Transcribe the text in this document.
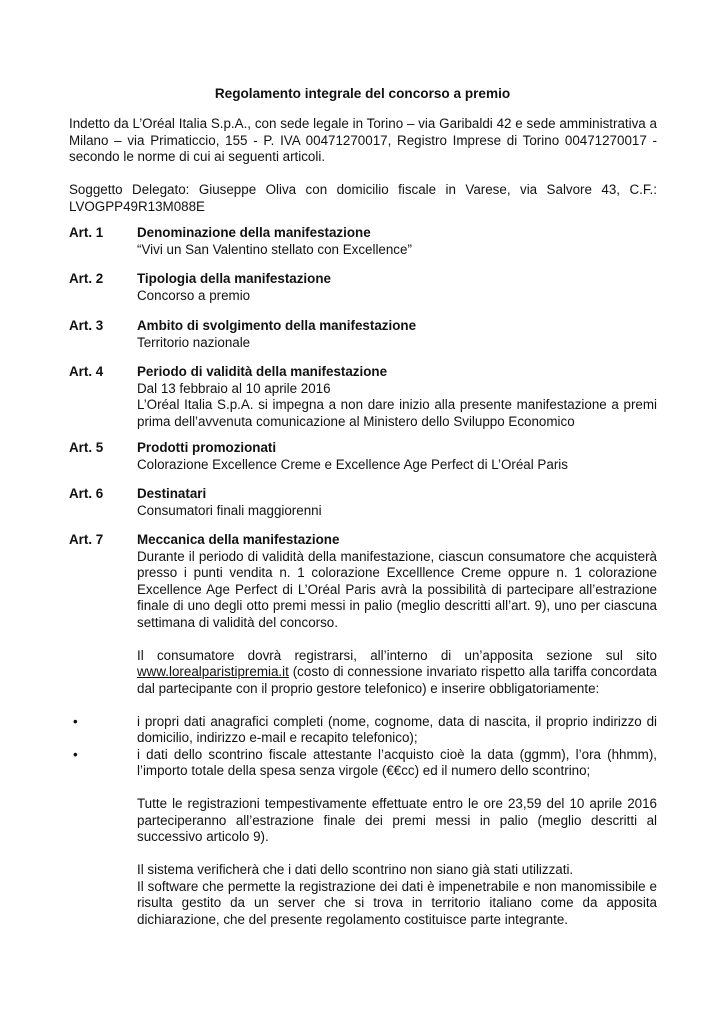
Regolamento integrale del concorso a premio

Indetto da L’Oréal Italia S.p.A., con sede legale in Torino – via Garibaldi 42 e sede amministrativa a Milano – via Primaticcio, 155 - P. IVA 00471270017, Registro Imprese di Torino 00471270017 - secondo le norme di cui ai seguenti articoli.

Soggetto Delegato: Giuseppe Oliva con domicilio fiscale in Varese, via Salvore 43, C.F.: LVOGPP49R13M088E

Art. 1	Denominazione della manifestazione
“Vivi un San Valentino stellato con Excellence”
Art. 2	Tipologia della manifestazione
Concorso a premio
Art. 3	Ambito di svolgimento della manifestazione
Territorio nazionale
Art. 4	Periodo di validità della manifestazione
Dal 13 febbraio al 10 aprile 2016
L’Oréal Italia S.p.A. si impegna a non dare inizio alla presente manifestazione a premi prima dell’avvenuta comunicazione al Ministero dello Sviluppo Economico
Art. 5	Prodotti promozionati
Colorazione Excellence Creme e Excellence Age Perfect di L’Oréal Paris
Art. 6	Destinatari
Consumatori finali maggiorenni
Art. 7	Meccanica della manifestazione
Durante il periodo di validità della manifestazione, ciascun consumatore che acquisterà presso i punti vendita n. 1 colorazione Excelllence Creme oppure n. 1 colorazione Excellence Age Perfect di L’Oréal Paris avrà la possibilità di partecipare all’estrazione finale di uno degli otto premi messi in palio (meglio descritti all’art. 9), uno per ciascuna settimana di validità del concorso.
Il consumatore dovrà registrarsi, all’interno di un’apposita sezione sul sito www.lorealparistipremia.it (costo di connessione invariato rispetto alla tariffa concordata dal partecipante con il proprio gestore telefonico) e inserire obbligatoriamente:
•	i propri dati anagrafici completi (nome, cognome, data di nascita, il proprio indirizzo di domicilio, indirizzo e-mail e recapito telefonico);
•	i dati dello scontrino fiscale attestante l’acquisto cioè la data (ggmm), l’ora (hhmm), l’importo totale della spesa senza virgole (€€cc) ed il numero dello scontrino;
Tutte le registrazioni tempestivamente effettuate entro le ore 23,59 del 10 aprile 2016 parteciperanno all’estrazione finale dei premi messi in palio (meglio descritti al successivo articolo 9).
Il sistema verificherà che i dati dello scontrino non siano già stati utilizzati.
Il software che permette la registrazione dei dati è impenetrabile e non manomissibile e risulta gestito da un server che si trova in territorio italiano come da apposita dichiarazione, che del presente regolamento costituisce parte integrante.
